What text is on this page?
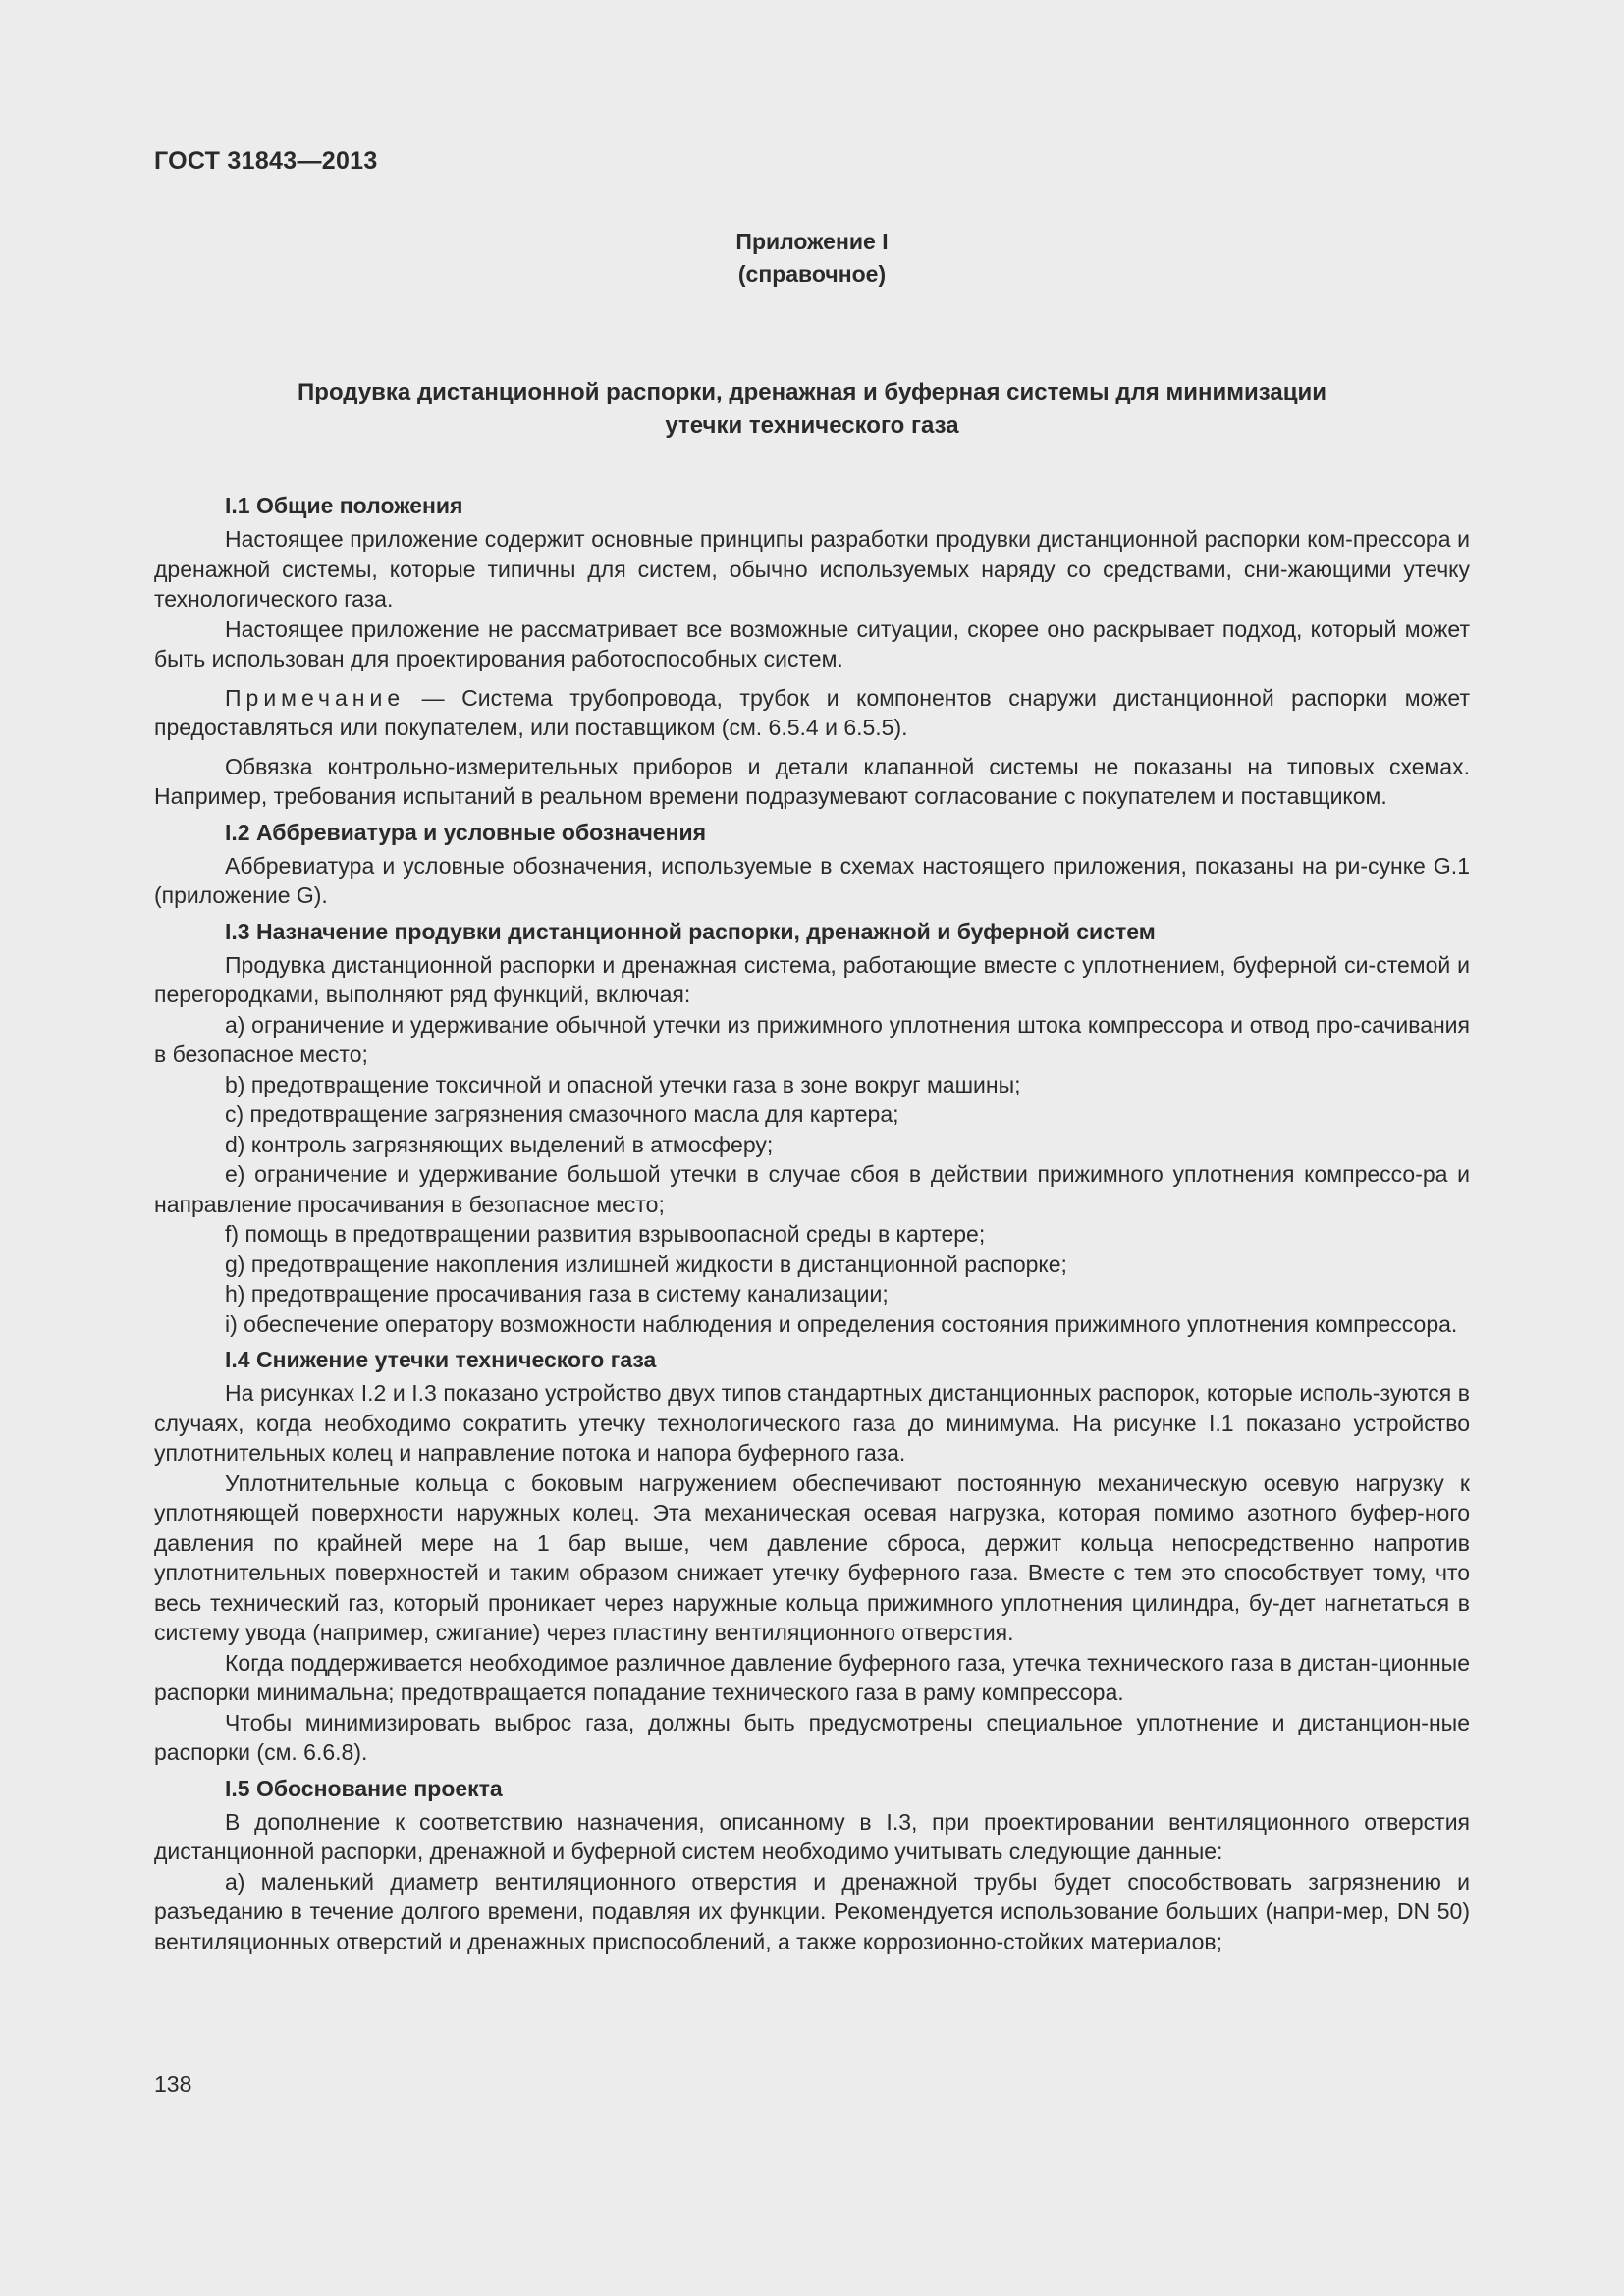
ГОСТ 31843—2013
Приложение I
(справочное)
Продувка дистанционной распорки, дренажная и буферная системы для минимизации
утечки технического газа
I.1 Общие положения

Настоящее приложение содержит основные принципы разработки продувки дистанционной распорки ком-прессора и дренажной системы, которые типичны для систем, обычно используемых наряду со средствами, сни-жающими утечку технологического газа.

Настоящее приложение не рассматривает все возможные ситуации, скорее оно раскрывает подход, который может быть использован для проектирования работоспособных систем.

Примечание — Система трубопровода, трубок и компонентов снаружи дистанционной распорки может предоставляться или покупателем, или поставщиком (см. 6.5.4 и 6.5.5).

Обвязка контрольно-измерительных приборов и детали клапанной системы не показаны на типовых схемах. Например, требования испытаний в реальном времени подразумевают согласование с покупателем и поставщиком.

I.2 Аббревиатура и условные обозначения

Аббревиатура и условные обозначения, используемые в схемах настоящего приложения, показаны на ри-сунке G.1 (приложение G).

I.3 Назначение продувки дистанционной распорки, дренажной и буферной систем

Продувка дистанционной распорки и дренажная система, работающие вместе с уплотнением, буферной си-стемой и перегородками, выполняют ряд функций, включая:

a) ограничение и удерживание обычной утечки из прижимного уплотнения штока компрессора и отвод про-сачивания в безопасное место;

b) предотвращение токсичной и опасной утечки газа в зоне вокруг машины;

c) предотвращение загрязнения смазочного масла для картера;

d) контроль загрязняющих выделений в атмосферу;

e) ограничение и удерживание большой утечки в случае сбоя в действии прижимного уплотнения компрессо-ра и направление просачивания в безопасное место;

f) помощь в предотвращении развития взрывоопасной среды в картере;

g) предотвращение накопления излишней жидкости в дистанционной распорке;

h) предотвращение просачивания газа в систему канализации;

i) обеспечение оператору возможности наблюдения и определения состояния прижимного уплотнения компрессора.

I.4 Снижение утечки технического газа

На рисунках I.2 и I.3 показано устройство двух типов стандартных дистанционных распорок, которые исполь-зуются в случаях, когда необходимо сократить утечку технологического газа до минимума. На рисунке I.1 показано устройство уплотнительных колец и направление потока и напора буферного газа.

Уплотнительные кольца с боковым нагружением обеспечивают постоянную механическую осевую нагрузку к уплотняющей поверхности наружных колец. Эта механическая осевая нагрузка, которая помимо азотного буфер-ного давления по крайней мере на 1 бар выше, чем давление сброса, держит кольца непосредственно напротив уплотнительных поверхностей и таким образом снижает утечку буферного газа. Вместе с тем это способствует тому, что весь технический газ, который проникает через наружные кольца прижимного уплотнения цилиндра, бу-дет нагнетаться в систему увода (например, сжигание) через пластину вентиляционного отверстия.

Когда поддерживается необходимое различное давление буферного газа, утечка технического газа в дистан-ционные распорки минимальна; предотвращается попадание технического газа в раму компрессора.

Чтобы минимизировать выброс газа, должны быть предусмотрены специальное уплотнение и дистанцион-ные распорки (см. 6.6.8).

I.5 Обоснование проекта

В дополнение к соответствию назначения, описанному в I.3, при проектировании вентиляционного отверстия дистанционной распорки, дренажной и буферной систем необходимо учитывать следующие данные:

a) маленький диаметр вентиляционного отверстия и дренажной трубы будет способствовать загрязнению и разъеданию в течение долгого времени, подавляя их функции. Рекомендуется использование больших (напри-мер, DN 50) вентиляционных отверстий и дренажных приспособлений, а также коррозионно-стойких материалов;

138
